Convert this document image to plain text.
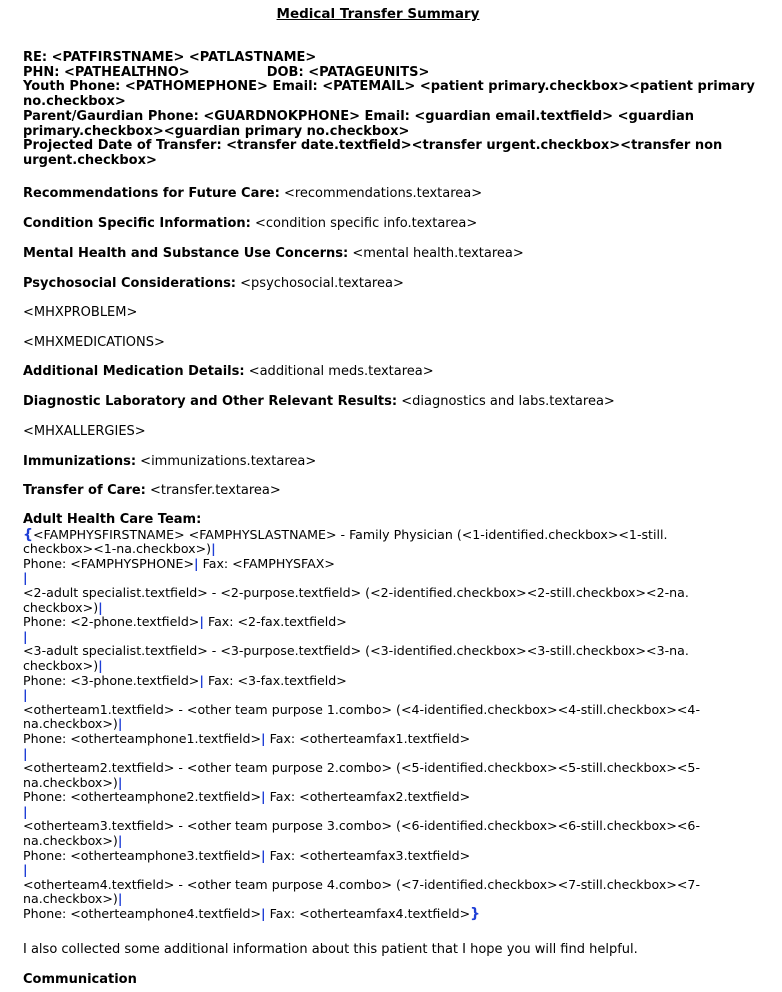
Medical Transfer Summary
RE: <PATFIRSTNAME> <PATLASTNAME>
PHN: <PATHEALTHNO>	DOB: <PATAGEUNITS>
Youth Phone: <PATHOMEPHONE> Email: <PATEMAIL> <patient primary.checkbox><patient primary no.checkbox>
Parent/Gaurdian Phone: <GUARDNOKPHONE> Email: <guardian email.textfield> <guardian primary.checkbox><guardian primary no.checkbox>
Projected Date of Transfer: <transfer date.textfield><transfer urgent.checkbox><transfer non urgent.checkbox>
Recommendations for Future Care: <recommendations.textarea>
Condition Specific Information: <condition specific info.textarea>
Mental Health and Substance Use Concerns: <mental health.textarea>
Psychosocial Considerations: <psychosocial.textarea>
<MHXPROBLEM>
<MHXMEDICATIONS>
Additional Medication Details: <additional meds.textarea>
Diagnostic Laboratory and Other Relevant Results: <diagnostics and labs.textarea>
<MHXALLERGIES>
Immunizations: <immunizations.textarea>
Transfer of Care: <transfer.textarea>
Adult Health Care Team:
{<FAMPHYSFIRSTNAME> <FAMPHYSLASTNAME> - Family Physician (<1-identified.checkbox><1-still.
checkbox><1-na.checkbox>)|
Phone: <FAMPHYSPHONE>| Fax: <FAMPHYSFAX>
|
<2-adult specialist.textfield> - <2-purpose.textfield> (<2-identified.checkbox><2-still.checkbox><2-na.
checkbox>)|
Phone: <2-phone.textfield>| Fax: <2-fax.textfield>
|
<3-adult specialist.textfield> - <3-purpose.textfield> (<3-identified.checkbox><3-still.checkbox><3-na.
checkbox>)|
Phone: <3-phone.textfield>| Fax: <3-fax.textfield>
|
<otherteam1.textfield> - <other team purpose 1.combo> (<4-identified.checkbox><4-still.checkbox><4-
na.checkbox>)|
Phone: <otherteamphone1.textfield>| Fax: <otherteamfax1.textfield>
|
<otherteam2.textfield> - <other team purpose 2.combo> (<5-identified.checkbox><5-still.checkbox><5-
na.checkbox>)|
Phone: <otherteamphone2.textfield>| Fax: <otherteamfax2.textfield>
|
<otherteam3.textfield> - <other team purpose 3.combo> (<6-identified.checkbox><6-still.checkbox><6-
na.checkbox>)|
Phone: <otherteamphone3.textfield>| Fax: <otherteamfax3.textfield>
|
<otherteam4.textfield> - <other team purpose 4.combo> (<7-identified.checkbox><7-still.checkbox><7-
na.checkbox>)|
Phone: <otherteamphone4.textfield>| Fax: <otherteamfax4.textfield>}
I also collected some additional information about this patient that I hope you will find helpful.
Communication
